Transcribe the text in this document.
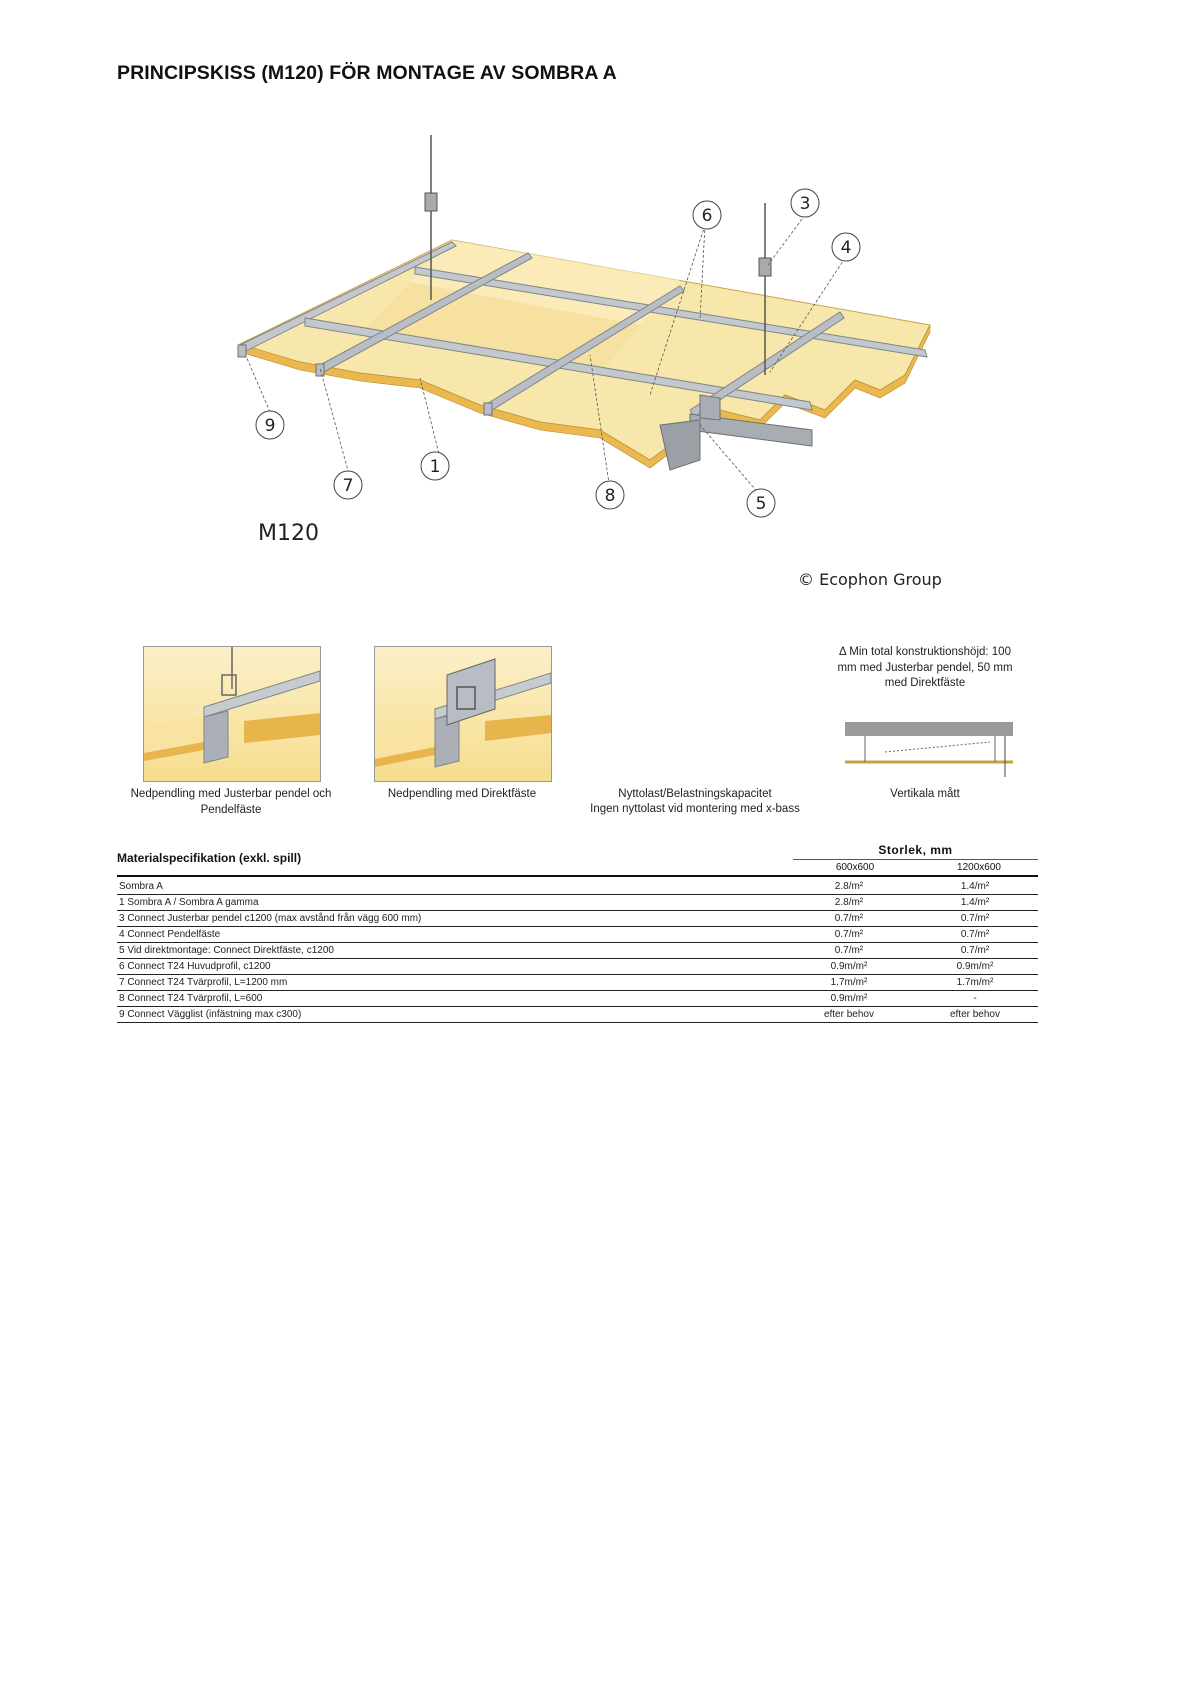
PRINCIPSKISS (M120) FÖR MONTAGE AV SOMBRA A
6
3
4
5
8
1
7
9
M120
© Ecophon Group
Nedpendling med Justerbar pendel och Pendelfäste
Nedpendling med Direktfäste	Nyttolast/Belastningskapacitet
Ingen nyttolast vid montering med x-bass
Δ Min total konstruktionshöjd: 100 mm med Justerbar pendel, 50 mm med Direktfäste
Vertikala mått
Materialspecifikation (exkl. spill)
Storlek, mm
600x600	1200x600
Sombra A	2.8/m²	1.4/m²
1 Sombra A / Sombra A gamma	2.8/m²	1.4/m²
3 Connect Justerbar pendel c1200 (max avstånd från vägg 600 mm)	0.7/m²	0.7/m²
4 Connect Pendelfäste	0.7/m²	0.7/m²
5 Vid direktmontage: Connect Direktfäste, c1200	0.7/m²	0.7/m²
6 Connect T24 Huvudprofil, c1200	0.9m/m²	0.9m/m²
7 Connect T24 Tvärprofil, L=1200 mm	1.7m/m²	1.7m/m²
8 Connect T24 Tvärprofil, L=600	0.9m/m²	-
9 Connect Vägglist (infästning max c300)	efter behov	efter behov
